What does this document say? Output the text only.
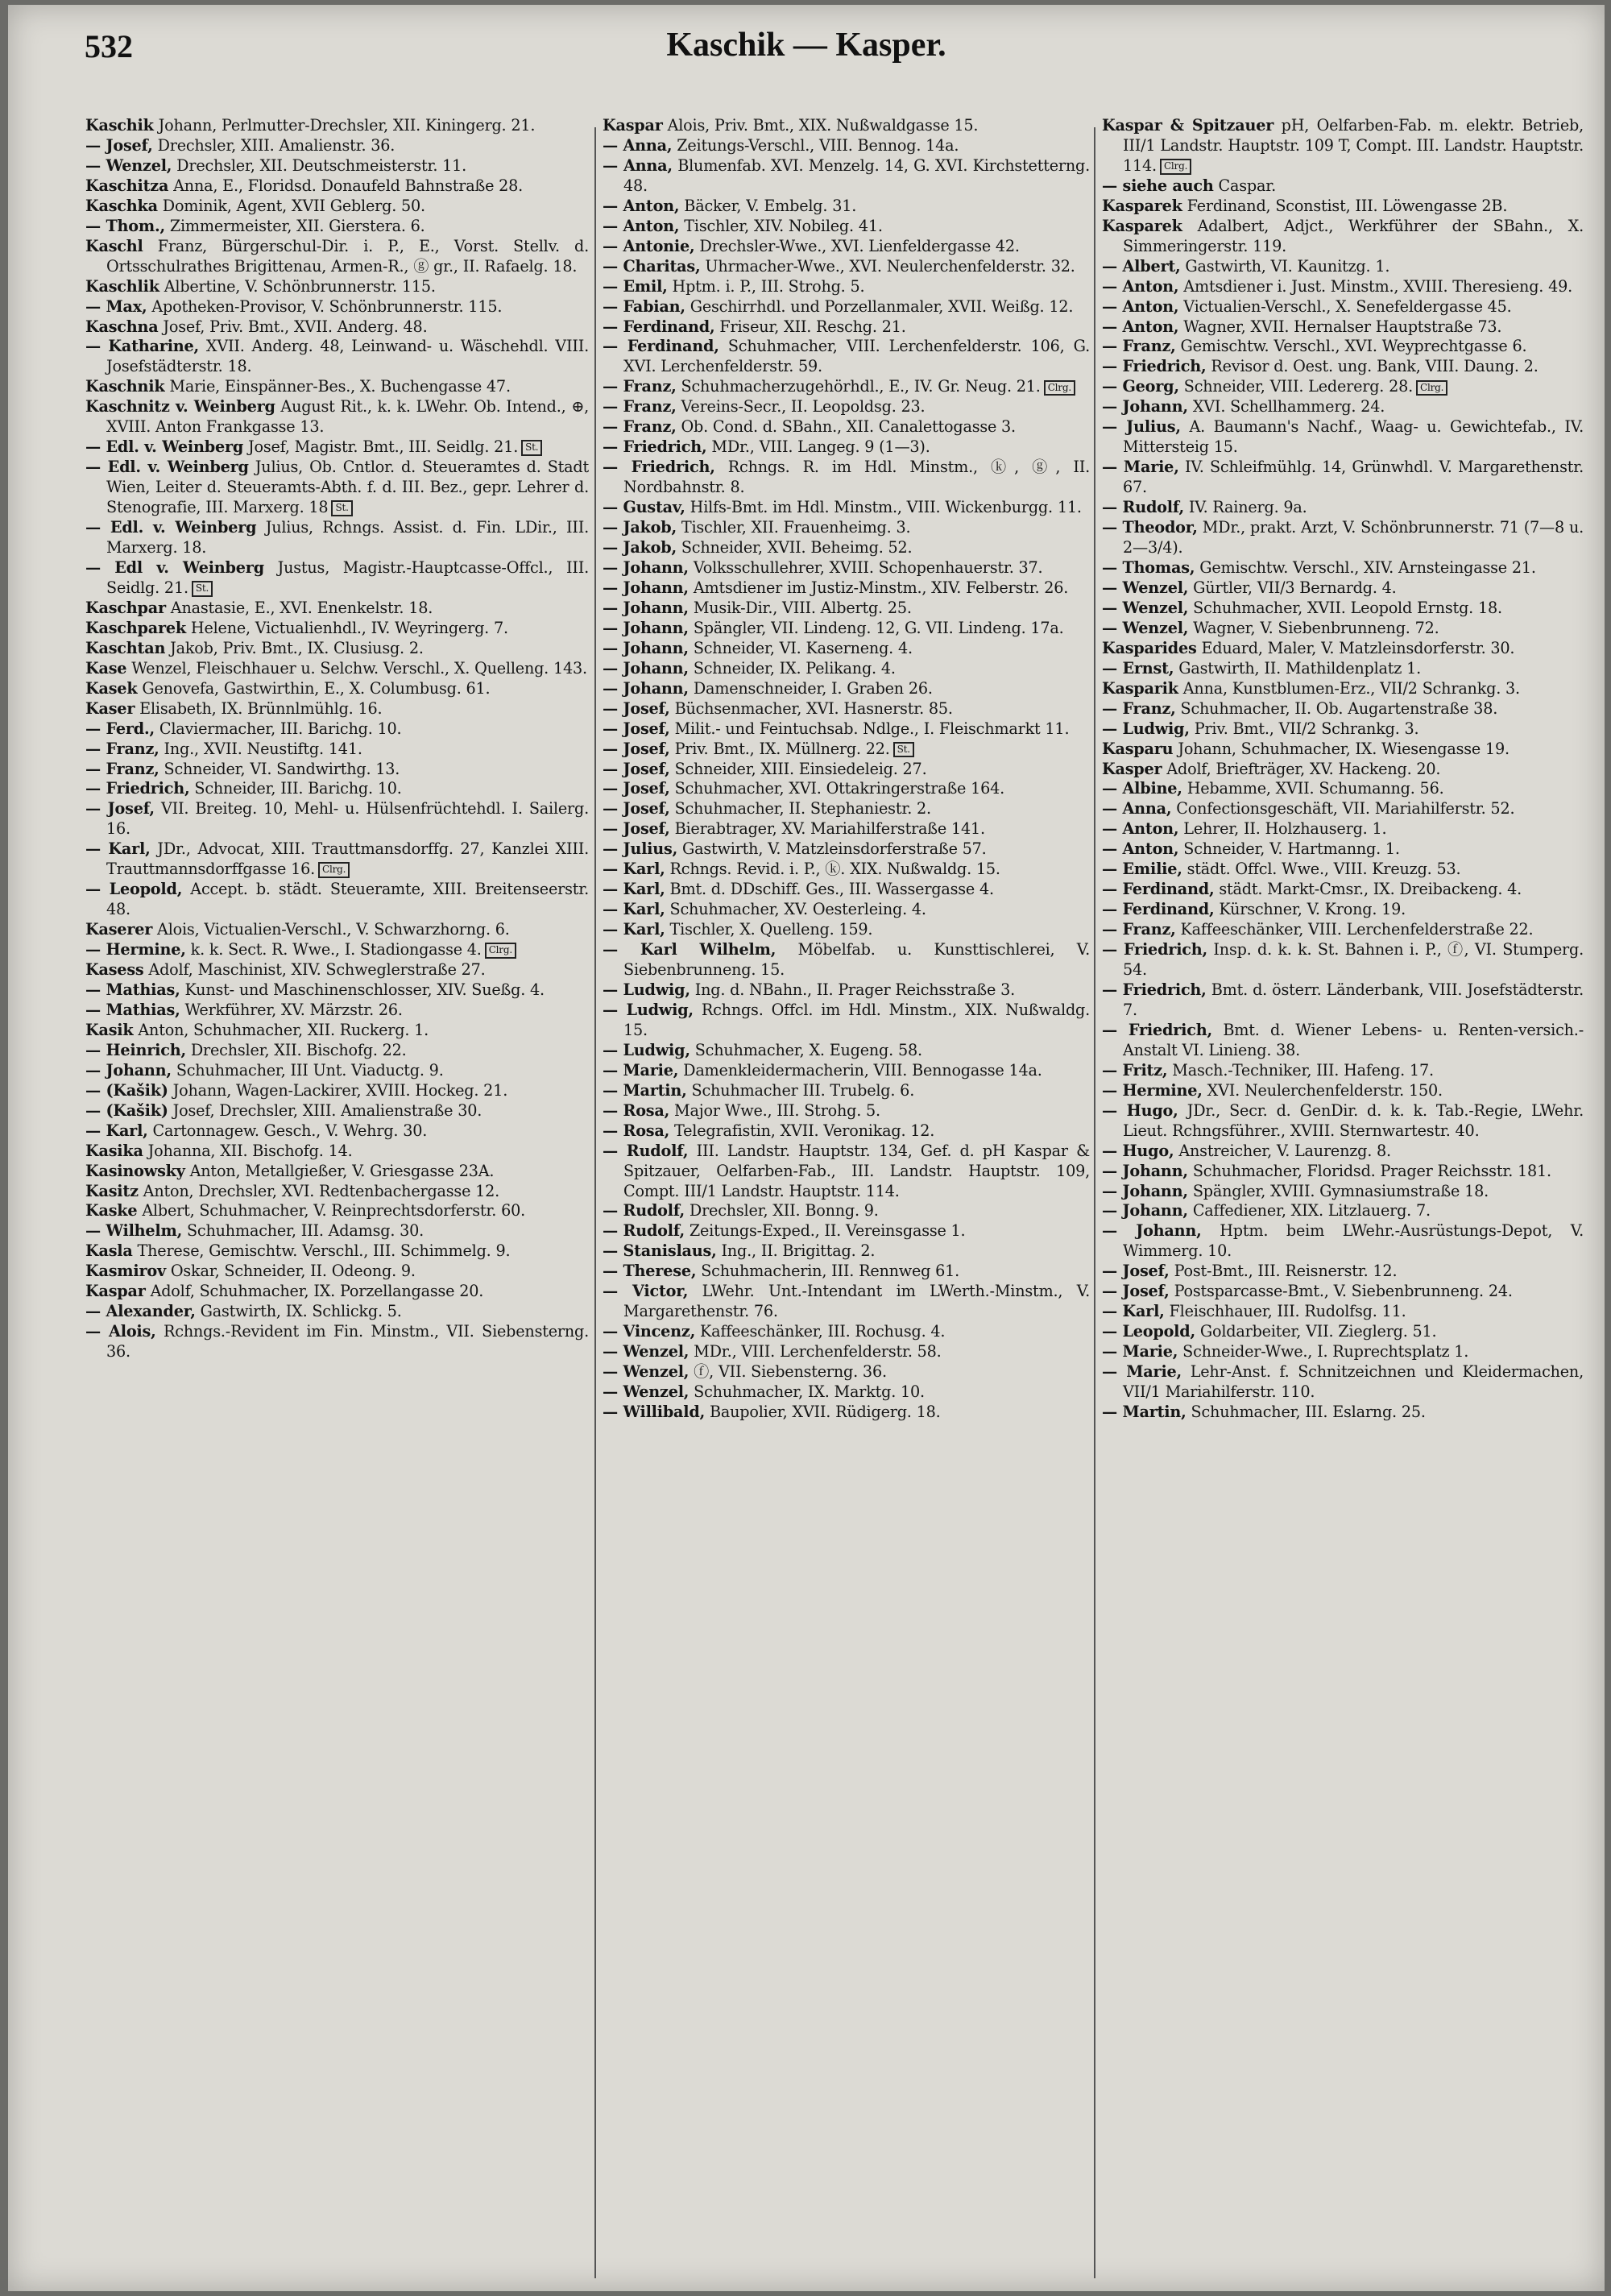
532	Kaschik — Kasper.

Kaschik Johann, Perlmutter-Drechsler, XII. Kiningerg. 21.

— Josef, Drechsler, XIII. Amalienstr. 36.

— Wenzel, Drechsler, XII. Deutschmeisterstr. 11.

Kaschitza Anna, E., Floridsd. Donaufeld Bahnstraße 28.

Kaschka Dominik, Agent, XVII Geblerg. 50.

— Thom., Zimmermeister, XII. Gierstera. 6.

Kaschl Franz, Bürgerschul-Dir. i. P., E., Vorst. Stellv. d. Ortsschulrathes Brigittenau, Armen-R., ⓖ gr., II. Rafaelg. 18.

Kaschlik Albertine, V. Schönbrunnerstr. 115.

— Max, Apotheken-Provisor, V. Schönbrunnerstr. 115.

Kaschna Josef, Priv. Bmt., XVII. Anderg. 48.

— Katharine, XVII. Anderg. 48, Leinwand- u. Wäschehdl. VIII. Josefstädterstr. 18.

Kaschnik Marie, Einspänner-Bes., X. Buchengasse 47.

Kaschnitz v. Weinberg August Rit., k. k. LWehr. Ob. Intend., ⊕, XVIII. Anton Frankgasse 13.

— Edl. v. Weinberg Josef, Magistr. Bmt., III. Seidlg. 21. St.

— Edl. v. Weinberg Julius, Ob. Cntlor. d. Steueramtes d. Stadt Wien, Leiter d. Steueramts-Abth. f. d. III. Bez., gepr. Lehrer d. Stenografie, III. Marxerg. 18 St.

— Edl. v. Weinberg Julius, Rchngs. Assist. d. Fin. LDir., III. Marxerg. 18.

— Edl v. Weinberg Justus, Magistr.-Hauptcasse-Offcl., III. Seidlg. 21. St.

Kaschpar Anastasie, E., XVI. Enenkelstr. 18.

Kaschparek Helene, Victualienhdl., IV. Weyringerg. 7.

Kaschtan Jakob, Priv. Bmt., IX. Clusiusg. 2.

Kase Wenzel, Fleischhauer u. Selchw. Verschl., X. Quelleng. 143.

Kasek Genovefa, Gastwirthin, E., X. Columbusg. 61.

Kaser Elisabeth, IX. Brünnlmühlg. 16.

— Ferd., Claviermacher, III. Barichg. 10.

— Franz, Ing., XVII. Neustiftg. 141.

— Franz, Schneider, VI. Sandwirthg. 13.

— Friedrich, Schneider, III. Barichg. 10.

— Josef, VII. Breiteg. 10, Mehl- u. Hülsenfrüchtehdl. I. Sailerg. 16.

— Karl, JDr., Advocat, XIII. Trauttmansdorffg. 27, Kanzlei XIII. Trauttmannsdorffgasse 16. Clrg.

— Leopold, Accept. b. städt. Steueramte, XIII. Breitenseerstr. 48.

Kaserer Alois, Victualien-Verschl., V. Schwarzhorng. 6.

— Hermine, k. k. Sect. R. Wwe., I. Stadiongasse 4. Clrg.

Kasess Adolf, Maschinist, XIV. Schweglerstraße 27.

— Mathias, Kunst- und Maschinenschlosser, XIV. Sueßg. 4.

— Mathias, Werkführer, XV. Märzstr. 26.

Kasik Anton, Schuhmacher, XII. Ruckerg. 1.

— Heinrich, Drechsler, XII. Bischofg. 22.

— Johann, Schuhmacher, III Unt. Viaductg. 9.

— (Kašik) Johann, Wagen-Lackirer, XVIII. Hockeg. 21.

— (Kašik) Josef, Drechsler, XIII. Amalienstraße 30.

— Karl, Cartonnagew. Gesch., V. Wehrg. 30.

Kasika Johanna, XII. Bischofg. 14.

Kasinowsky Anton, Metallgießer, V. Griesgasse 23A.

Kasitz Anton, Drechsler, XVI. Redtenbachergasse 12.

Kaske Albert, Schuhmacher, V. Reinprechtsdorferstr. 60.

— Wilhelm, Schuhmacher, III. Adamsg. 30.

Kasla Therese, Gemischtw. Verschl., III. Schimmelg. 9.

Kasmirov Oskar, Schneider, II. Odeong. 9.

Kaspar Adolf, Schuhmacher, IX. Porzellangasse 20.

— Alexander, Gastwirth, IX. Schlickg. 5.

— Alois, Rchngs.-Revident im Fin. Minstm., VII. Siebensterng. 36.

Kaspar Alois, Priv. Bmt., XIX. Nußwaldgasse 15.

— Anna, Zeitungs-Verschl., VIII. Bennog. 14a.

— Anna, Blumenfab. XVI. Menzelg. 14, G. XVI. Kirchstetterng. 48.

— Anton, Bäcker, V. Embelg. 31.

— Anton, Tischler, XIV. Nobileg. 41.

— Antonie, Drechsler-Wwe., XVI. Lienfeldergasse 42.

— Charitas, Uhrmacher-Wwe., XVI. Neulerchenfelderstr. 32.

— Emil, Hptm. i. P., III. Strohg. 5.

— Fabian, Geschirrhdl. und Porzellanmaler, XVII. Weißg. 12.

— Ferdinand, Friseur, XII. Reschg. 21.

— Ferdinand, Schuhmacher, VIII. Lerchenfelderstr. 106, G. XVI. Lerchenfelderstr. 59.

— Franz, Schuhmacherzugehörhdl., E., IV. Gr. Neug. 21. Clrg.

— Franz, Vereins-Secr., II. Leopoldsg. 23.

— Franz, Ob. Cond. d. SBahn., XII. Canalettogasse 3.

— Friedrich, MDr., VIII. Langeg. 9 (1—3).

— Friedrich, Rchngs. R. im Hdl. Minstm., ⓚ, ⓖ, II. Nordbahnstr. 8.

— Gustav, Hilfs-Bmt. im Hdl. Minstm., VIII. Wickenburgg. 11.

— Jakob, Tischler, XII. Frauenheimg. 3.

— Jakob, Schneider, XVII. Beheimg. 52.

— Johann, Volksschullehrer, XVIII. Schopenhauerstr. 37.

— Johann, Amtsdiener im Justiz-Minstm., XIV. Felberstr. 26.

— Johann, Musik-Dir., VIII. Albertg. 25.

— Johann, Spängler, VII. Lindeng. 12, G. VII. Lindeng. 17a.

— Johann, Schneider, VI. Kaserneng. 4.

— Johann, Schneider, IX. Pelikang. 4.

— Johann, Damenschneider, I. Graben 26.

— Josef, Büchsenmacher, XVI. Hasnerstr. 85.

— Josef, Milit.- und Feintuchsab. Ndlge., I. Fleischmarkt 11.

— Josef, Priv. Bmt., IX. Müllnerg. 22. St.

— Josef, Schneider, XIII. Einsiedeleig. 27.

— Josef, Schuhmacher, XVI. Ottakringerstraße 164.

— Josef, Schuhmacher, II. Stephaniestr. 2.

— Josef, Bierabtrager, XV. Mariahilferstraße 141.

— Julius, Gastwirth, V. Matzleinsdorferstraße 57.

— Karl, Rchngs. Revid. i. P., ⓚ. XIX. Nußwaldg. 15.

— Karl, Bmt. d. DDschiff. Ges., III. Wassergasse 4.

— Karl, Schuhmacher, XV. Oesterleing. 4.

— Karl, Tischler, X. Quelleng. 159.

— Karl Wilhelm, Möbelfab. u. Kunsttischlerei, V. Siebenbrunneng. 15.

— Ludwig, Ing. d. NBahn., II. Prager Reichsstraße 3.

— Ludwig, Rchngs. Offcl. im Hdl. Minstm., XIX. Nußwaldg. 15.

— Ludwig, Schuhmacher, X. Eugeng. 58.

— Marie, Damenkleidermacherin, VIII. Bennogasse 14a.

— Martin, Schuhmacher III. Trubelg. 6.

— Rosa, Major Wwe., III. Strohg. 5.

— Rosa, Telegrafistin, XVII. Veronikag. 12.

— Rudolf, III. Landstr. Hauptstr. 134, Gef. d. pH Kaspar & Spitzauer, Oelfarben-Fab., III. Landstr. Hauptstr. 109, Compt. III/1 Landstr. Hauptstr. 114.

— Rudolf, Drechsler, XII. Bonng. 9.

— Rudolf, Zeitungs-Exped., II. Vereinsgasse 1.

— Stanislaus, Ing., II. Brigittag. 2.

— Therese, Schuhmacherin, III. Rennweg 61.

— Victor, LWehr. Unt.-Intendant im LWerth.-Minstm., V. Margarethenstr. 76.

— Vincenz, Kaffeeschänker, III. Rochusg. 4.

— Wenzel, MDr., VIII. Lerchenfelderstr. 58.

— Wenzel, ⓕ, VII. Siebensterng. 36.

— Wenzel, Schuhmacher, IX. Marktg. 10.

— Willibald, Baupolier, XVII. Rüdigerg. 18.

Kaspar & Spitzauer pH, Oelfarben-Fab. m. elektr. Betrieb, III/1 Landstr. Hauptstr. 109 T, Compt. III. Landstr. Hauptstr. 114. Clrg.

— siehe auch Caspar.

Kasparek Ferdinand, Sconstist, III. Löwengasse 2B.

Kasparek Adalbert, Adjct., Werkführer der SBahn., X. Simmeringerstr. 119.

— Albert, Gastwirth, VI. Kaunitzg. 1.

— Anton, Amtsdiener i. Just. Minstm., XVIII. Theresieng. 49.

— Anton, Victualien-Verschl., X. Senefeldergasse 45.

— Anton, Wagner, XVII. Hernalser Hauptstraße 73.

— Franz, Gemischtw. Verschl., XVI. Weyprechtgasse 6.

— Friedrich, Revisor d. Oest. ung. Bank, VIII. Daung. 2.

— Georg, Schneider, VIII. Ledererg. 28. Clrg.

— Johann, XVI. Schellhammerg. 24.

— Julius, A. Baumann's Nachf., Waag- u. Gewichtefab., IV. Mittersteig 15.

— Marie, IV. Schleifmühlg. 14, Grünwhdl. V. Margarethenstr. 67.

— Rudolf, IV. Rainerg. 9a.

— Theodor, MDr., prakt. Arzt, V. Schönbrunnerstr. 71 (7—8 u. 2—3/4).

— Thomas, Gemischtw. Verschl., XIV. Arnsteingasse 21.

— Wenzel, Gürtler, VII/3 Bernardg. 4.

— Wenzel, Schuhmacher, XVII. Leopold Ernstg. 18.

— Wenzel, Wagner, V. Siebenbrunneng. 72.

Kasparides Eduard, Maler, V. Matzleinsdorferstr. 30.

— Ernst, Gastwirth, II. Mathildenplatz 1.

Kasparik Anna, Kunstblumen-Erz., VII/2 Schrankg. 3.

— Franz, Schuhmacher, II. Ob. Augartenstraße 38.

— Ludwig, Priv. Bmt., VII/2 Schrankg. 3.

Kasparu Johann, Schuhmacher, IX. Wiesengasse 19.

Kasper Adolf, Briefträger, XV. Hackeng. 20.

— Albine, Hebamme, XVII. Schumanng. 56.

— Anna, Confectionsgeschäft, VII. Mariahilferstr. 52.

— Anton, Lehrer, II. Holzhauserg. 1.

— Anton, Schneider, V. Hartmanng. 1.

— Emilie, städt. Offcl. Wwe., VIII. Kreuzg. 53.

— Ferdinand, städt. Markt-Cmsr., IX. Dreibackeng. 4.

— Ferdinand, Kürschner, V. Krong. 19.

— Franz, Kaffeeschänker, VIII. Lerchenfelderstraße 22.

— Friedrich, Insp. d. k. k. St. Bahnen i. P., ⓕ, VI. Stumperg. 54.

— Friedrich, Bmt. d. österr. Länderbank, VIII. Josefstädterstr. 7.

— Friedrich, Bmt. d. Wiener Lebens- u. Renten-versich.-Anstalt VI. Linieng. 38.

— Fritz, Masch.-Techniker, III. Hafeng. 17.

— Hermine, XVI. Neulerchenfelderstr. 150.

— Hugo, JDr., Secr. d. GenDir. d. k. k. Tab.-Regie, LWehr. Lieut. Rchngsführer., XVIII. Sternwartestr. 40.

— Hugo, Anstreicher, V. Laurenzg. 8.

— Johann, Schuhmacher, Floridsd. Prager Reichsstr. 181.

— Johann, Spängler, XVIII. Gymnasiumstraße 18.

— Johann, Caffediener, XIX. Litzlauerg. 7.

— Johann, Hptm. beim LWehr.-Ausrüstungs-Depot, V. Wimmerg. 10.

— Josef, Post-Bmt., III. Reisnerstr. 12.

— Josef, Postsparcasse-Bmt., V. Siebenbrunneng. 24.

— Karl, Fleischhauer, III. Rudolfsg. 11.

— Leopold, Goldarbeiter, VII. Zieglerg. 51.

— Marie, Schneider-Wwe., I. Ruprechtsplatz 1.

— Marie, Lehr-Anst. f. Schnitzeichnen und Kleidermachen, VII/1 Mariahilferstr. 110.

— Martin, Schuhmacher, III. Eslarng. 25.
